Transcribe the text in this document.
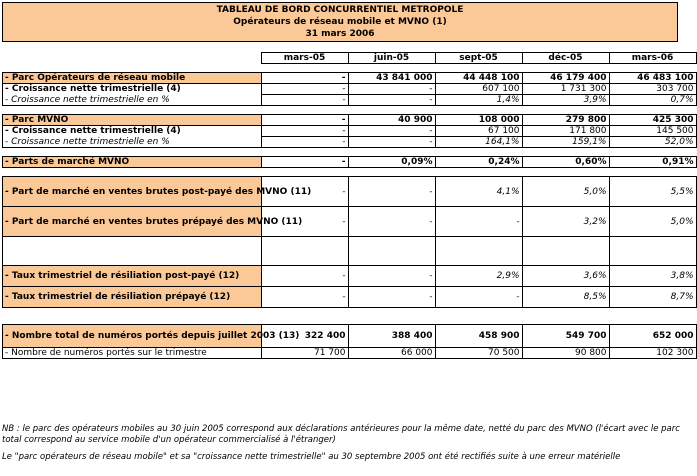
TABLEAU DE BORD CONCURRENTIEL METROPOLE
Opérateurs de réseau mobile et MVNO (1)
31 mars 2006
	mars-05	juin-05	sept-05	déc-05	mars-06

- Parc Opérateurs de réseau mobile	-	43 841 000	44 448 100	46 179 400	46 483 100
- Croissance nette trimestrielle (4)	-	-	607 100	1 731 300	303 700
- Croissance nette trimestrielle en %	-	-	1,4%	3,9%	0,7%

- Parc MVNO	-	40 900	108 000	279 800	425 300
- Croissance nette trimestrielle (4)	-	-	67 100	171 800	145 500
- Croissance nette trimestrielle en %	-	-	164,1%	159,1%	52,0%

- Parts de marché MVNO	-	0,09%	0,24%	0,60%	0,91%

- Part de marché en ventes brutes post-payé des MVNO (11)	-	-	4,1%	5,0%	5,5%
- Part de marché en ventes brutes prépayé des MVNO (11)	-	-	-	3,2%	5,0%

- Taux trimestriel de résiliation post-payé (12)	-	-	2,9%	3,6%	3,8%
- Taux trimestriel de résiliation prépayé (12)	-	-	-	8,5%	8,7%

- Nombre total de numéros portés depuis juillet 2003 (13)	322 400	388 400	458 900	549 700	652 000
- Nombre de numéros portés sur le trimestre	71 700	66 000	70 500	90 800	102 300

NB : le parc des opérateurs mobiles au 30 juin 2005 correspond aux déclarations antérieures pour la même date, netté du parc des MVNO (l'écart avec le parc total correspond au service mobile d'un opérateur commercialisé à l'étranger)

Le "parc opérateurs de réseau mobile" et sa "croissance nette trimestrielle" au 30 septembre 2005 ont été rectifiés suite à une erreur matérielle
